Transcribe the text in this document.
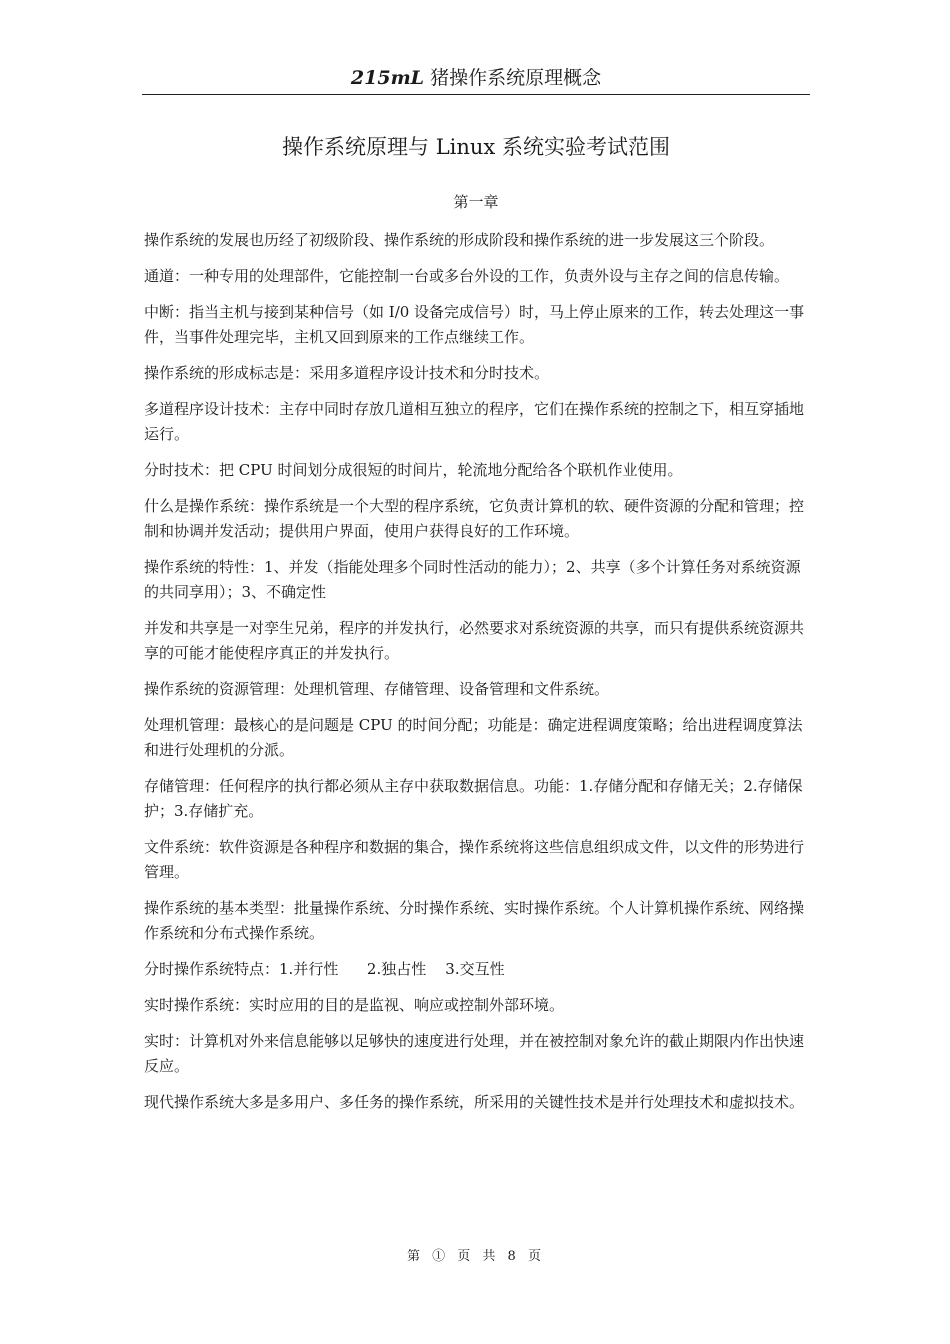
215mL 猪操作系统原理概念
操作系统原理与 Linux 系统实验考试范围
第一章

操作系统的发展也历经了初级阶段、操作系统的形成阶段和操作系统的进一步发展这三个阶段。

通道：一种专用的处理部件，它能控制一台或多台外设的工作，负责外设与主存之间的信息传输。

中断：指当主机与接到某种信号（如 I/0 设备完成信号）时，马上停止原来的工作，转去处理这一事件，当事件处理完毕，主机又回到原来的工作点继续工作。

操作系统的形成标志是：采用多道程序设计技术和分时技术。

多道程序设计技术：主存中同时存放几道相互独立的程序，它们在操作系统的控制之下，相互穿插地运行。

分时技术：把 CPU 时间划分成很短的时间片，轮流地分配给各个联机作业使用。

什么是操作系统：操作系统是一个大型的程序系统，它负责计算机的软、硬件资源的分配和管理；控制和协调并发活动；提供用户界面，使用户获得良好的工作环境。

操作系统的特性：1、并发（指能处理多个同时性活动的能力）；2、共享（多个计算任务对系统资源的共同享用）；3、不确定性

并发和共享是一对孪生兄弟，程序的并发执行，必然要求对系统资源的共享，而只有提供系统资源共享的可能才能使程序真正的并发执行。

操作系统的资源管理：处理机管理、存储管理、设备管理和文件系统。

处理机管理：最核心的是问题是 CPU 的时间分配；功能是：确定进程调度策略；给出进程调度算法和进行处理机的分派。

存储管理：任何程序的执行都必须从主存中获取数据信息。功能：1.存储分配和存储无关；2.存储保护；3.存储扩充。

文件系统：软件资源是各种程序和数据的集合，操作系统将这些信息组织成文件，以文件的形势进行管理。

操作系统的基本类型：批量操作系统、分时操作系统、实时操作系统。个人计算机操作系统、网络操作系统和分布式操作系统。

分时操作系统特点：1.并行性      2.独占性    3.交互性

实时操作系统：实时应用的目的是监视、响应或控制外部环境。

实时：计算机对外来信息能够以足够快的速度进行处理，并在被控制对象允许的截止期限内作出快速反应。

现代操作系统大多是多用户、多任务的操作系统，所采用的关键性技术是并行处理技术和虚拟技术。

第 ① 页 共 8 页
